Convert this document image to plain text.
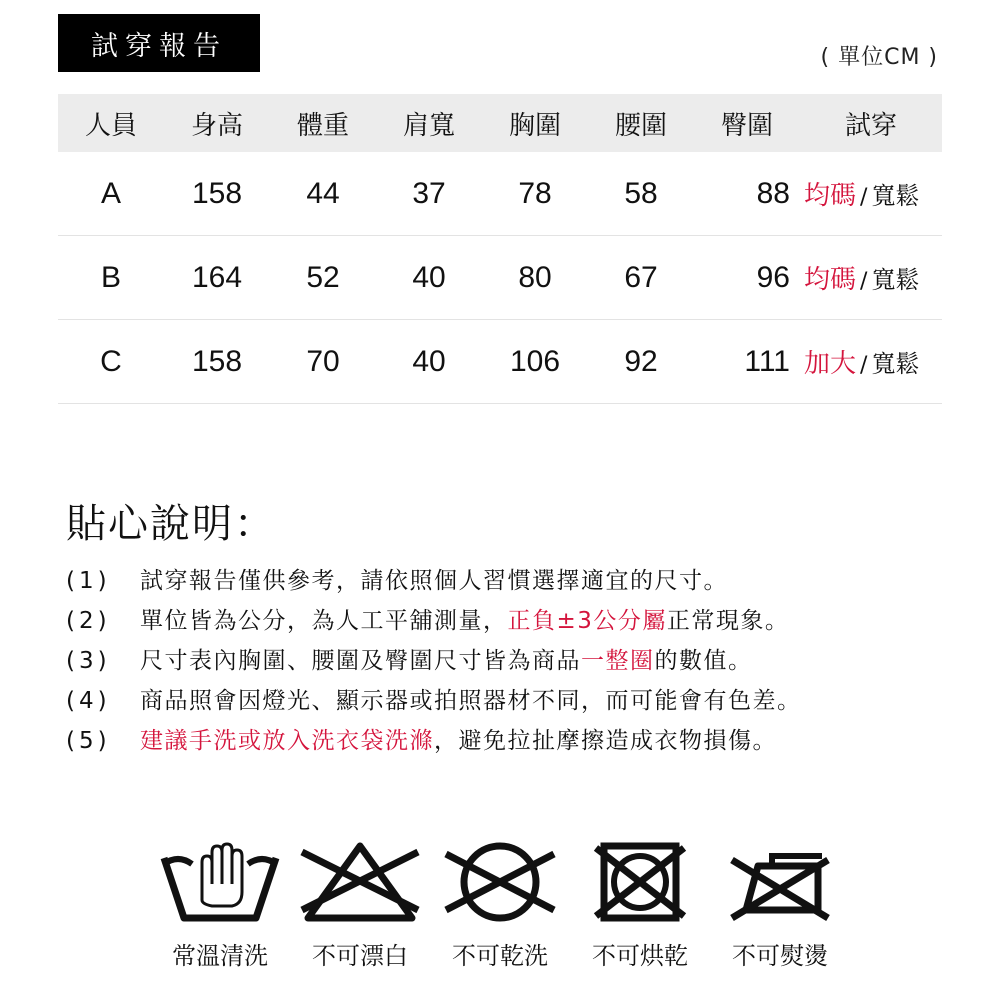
試穿報告	( 單位CM )
人員	身高	體重	肩寬	胸圍	腰圍	臀圍	試穿
A	158	44	37	78	58	88 均碼 / 寬鬆
B	164	52	40	80	67	96 均碼 / 寬鬆
C	158	70	40	106	92	111 加大 / 寬鬆
貼心說明：
(1)	試穿報告僅供參考，請依照個人習慣選擇適宜的尺寸。
(2)	單位皆為公分，為人工平舖測量， 正負±3公分屬 正常現象。
(3)	尺寸表內胸圍、腰圍及臀圍尺寸皆為商品 一整圈 的數值。
(4)	商品照會因燈光、顯示器或拍照器材不同，而可能會有色差。
(5)	建議手洗或放入洗衣袋洗滌 ，避免拉扯摩擦造成衣物損傷。
常溫清洗	不可漂白	不可乾洗	不可烘乾	不可熨燙
